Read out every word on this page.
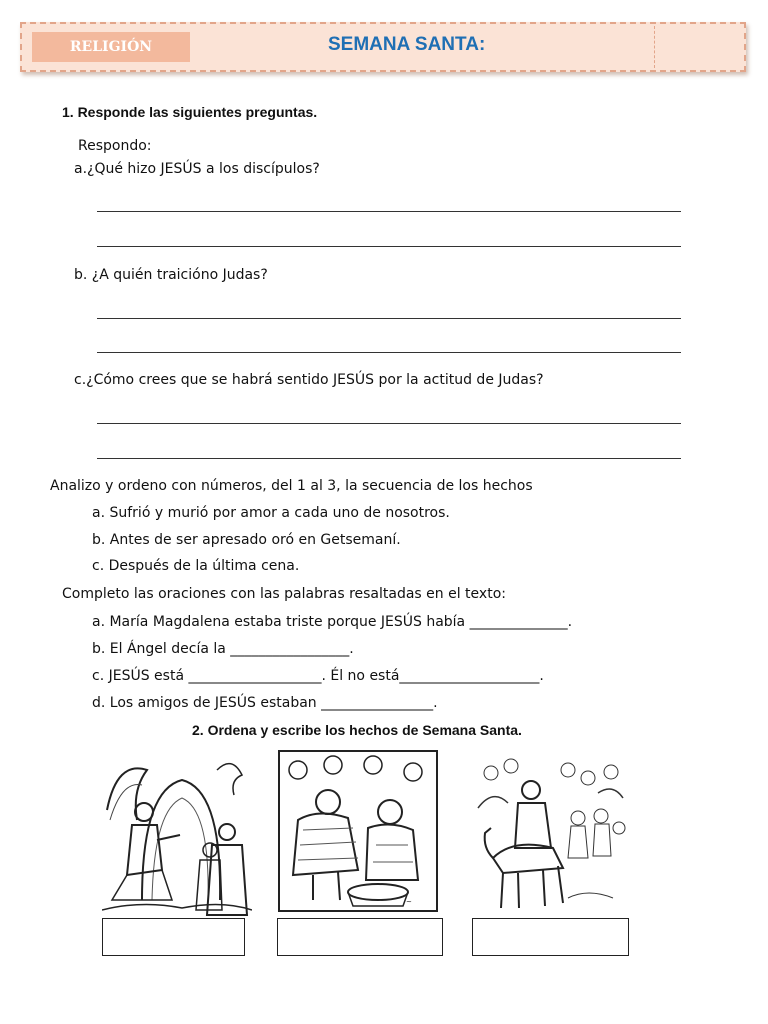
RELIGIÓN	SEMANA SANTA:
1. Responde las siguientes preguntas.
Respondo:
a.¿Qué hizo JESÚS a los discípulos?
b. ¿A quién traicióno Judas?
c.¿Cómo crees que se habrá sentido JESÚS por la actitud de Judas?
Analizo y ordeno con números, del 1 al 3, la secuencia de los hechos
a. Sufrió y murió por amor a cada uno de nosotros.
b. Antes de ser apresado oró en Getsemaní.
c. Después de la última cena.
Completo las oraciones con las palabras resaltadas en el texto:
a. María Magdalena estaba triste porque JESÚS había ______________.
b. El Ángel decía la _________________.
c. JESÚS está ___________________. Él no está____________________.
d. Los amigos de JESÚS estaban ________________.
2. Ordena y escribe los hechos de Semana Santa.
~
